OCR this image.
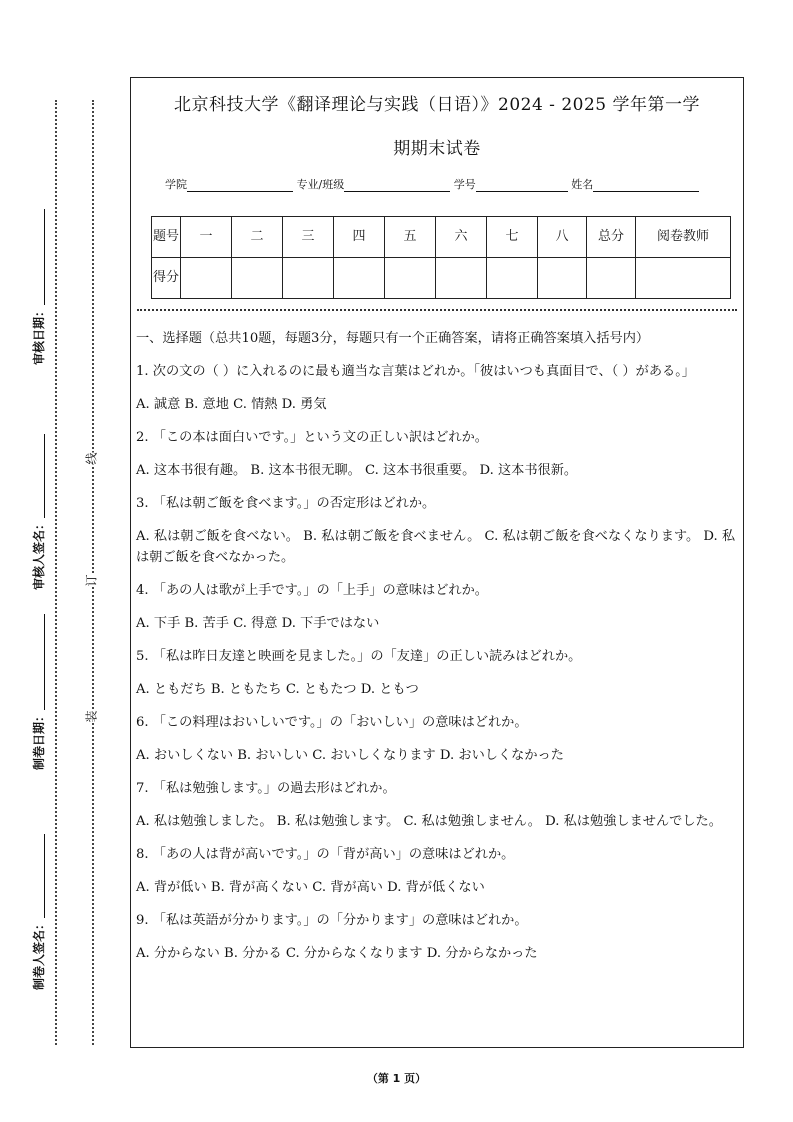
审核日期：
审核人签名：
制卷日期：
制卷人签名：
线
订
装
北京科技大学《翻译理论与实践（日语）》2024 - 2025 学年第一学
期期末试卷
学院	专业/班级	学号	姓名
题号	一	二	三	四	五	六	七	八	总分	阅卷教师
得分										

一、选择题（总共10题，每题3分，每题只有一个正确答案，请将正确答案填入括号内）

1. 次の文の（ ）に入れるのに最も適当な言葉はどれか。「彼はいつも真面目で、（ ）がある。」

A. 誠意 B. 意地 C. 情熱 D. 勇気

2. 「この本は面白いです。」という文の正しい訳はどれか。

A. 这本书很有趣。 B. 这本书很无聊。 C. 这本书很重要。 D. 这本书很新。

3. 「私は朝ご飯を食べます。」の否定形はどれか。

A. 私は朝ご飯を食べない。 B. 私は朝ご飯を食べません。 C. 私は朝ご飯を食べなくなります。 D. 私は朝ご飯を食べなかった。

4. 「あの人は歌が上手です。」の「上手」の意味はどれか。

A. 下手 B. 苦手 C. 得意 D. 下手ではない

5. 「私は昨日友達と映画を見ました。」の「友達」の正しい読みはどれか。

A. ともだち B. ともたち C. ともたつ D. ともつ

6. 「この料理はおいしいです。」の「おいしい」の意味はどれか。

A. おいしくない B. おいしい C. おいしくなります D. おいしくなかった

7. 「私は勉強します。」の過去形はどれか。

A. 私は勉強しました。 B. 私は勉強します。 C. 私は勉強しません。 D. 私は勉強しませんでした。

8. 「あの人は背が高いです。」の「背が高い」の意味はどれか。

A. 背が低い B. 背が高くない C. 背が高い D. 背が低くない

9. 「私は英語が分かります。」の「分かります」の意味はどれか。

A. 分からない B. 分かる C. 分からなくなります D. 分からなかった

（第 1 页）
